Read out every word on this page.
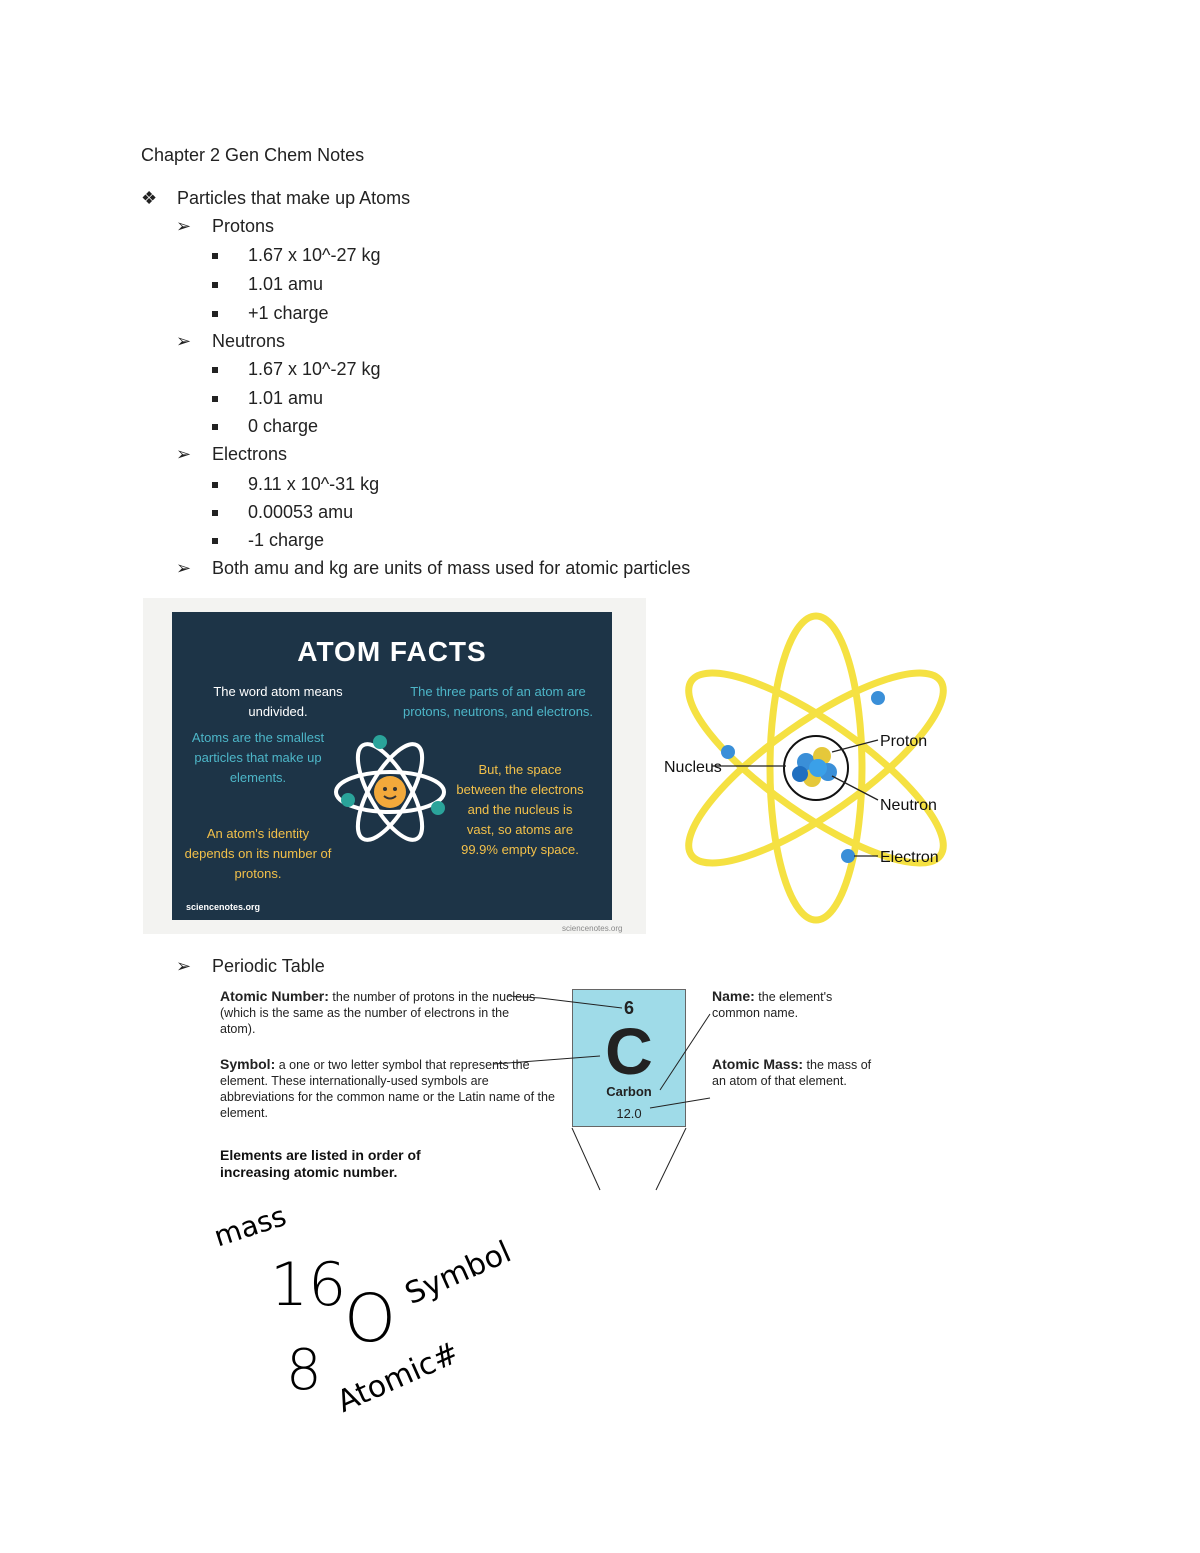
Chapter 2 Gen Chem Notes
❖	Particles that make up Atoms
➢	Protons
1.67 x 10^-27 kg
1.01 amu
+1 charge
➢	Neutrons
1.67 x 10^-27 kg
1.01 amu
0 charge
➢	Electrons
9.11 x 10^-31 kg
0.00053 amu
-1 charge
➢	Both amu and kg are units of mass used for atomic particles
ATOM FACTS
The word atom means undivided.
Atoms are the smallest particles that make up elements.
An atom's identity depends on its number of protons.
The three parts of an atom are protons, neutrons, and electrons.
But, the space between the electrons and the nucleus is vast, so atoms are 99.9% empty space.
sciencenotes.org
sciencenotes.org
Nucleus
Proton
Neutron
Electron
➢	Periodic Table
Atomic Number: the number of protons in the nucleus (which is the same as the number of electrons in the atom).
Symbol: a one or two letter symbol that represents the element. These internationally-used symbols are abbreviations for the common name or the Latin name of the element.
Elements are listed in order of increasing atomic number.
Name: the element's common name.
Atomic Mass: the mass of an atom of that element.
6
C
Carbon
12.0
mass
16
O
Symbol
8 Atomic#
